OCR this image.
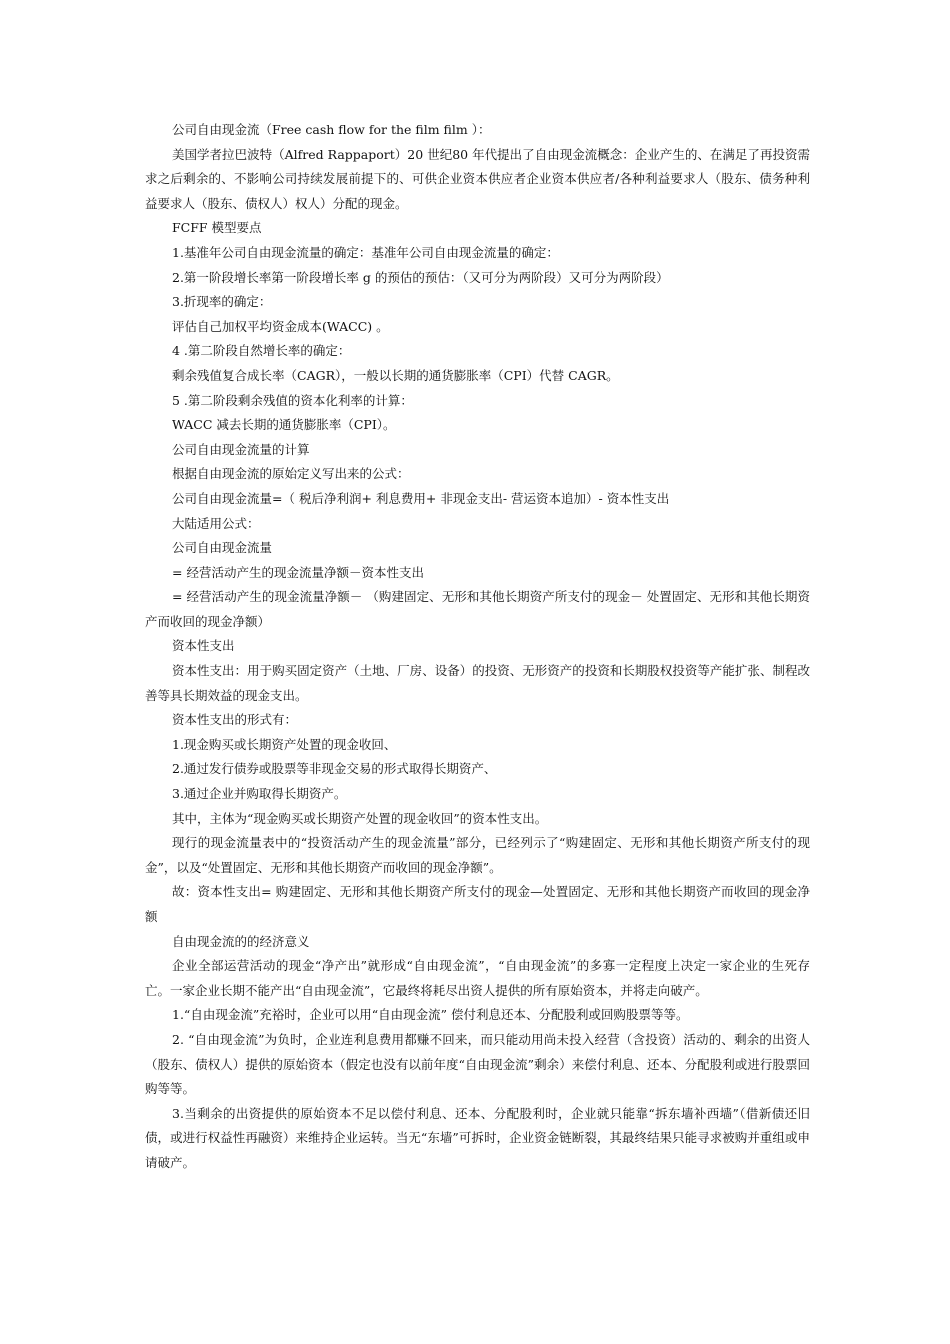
公司自由现金流（Free cash flow for the film film ）：

美国学者拉巴波特（Alfred Rappaport）20 世纪80 年代提出了自由现金流概念：企业产生的、在满足了再投资需求之后剩余的、不影响公司持续发展前提下的、可供企业资本供应者企业资本供应者/各种利益要求人（股东、债务种利益要求人（股东、债权人）权人）分配的现金。

FCFF 模型要点

1.基准年公司自由现金流量的确定：基准年公司自由现金流量的确定：

2.第一阶段增长率第一阶段增长率 g 的预估的预估：（又可分为两阶段）又可分为两阶段）

3.折现率的确定：

评估自己加权平均资金成本(WACC) 。

4 .第二阶段自然增长率的确定：

剩余残值复合成长率（CAGR），一般以长期的通货膨胀率（CPI）代替 CAGR。

5 .第二阶段剩余残值的资本化利率的计算：

WACC 减去长期的通货膨胀率（CPI）。

公司自由现金流量的计算

根据自由现金流的原始定义写出来的公式：

公司自由现金流量=（ 税后净利润+ 利息费用+ 非现金支出- 营运资本追加）- 资本性支出

大陆适用公式：

公司自由现金流量

= 经营活动产生的现金流量净额－资本性支出

= 经营活动产生的现金流量净额－ （购建固定、无形和其他长期资产所支付的现金－ 处置固定、无形和其他长期资产而收回的现金净额）

资本性支出

资本性支出：用于购买固定资产（土地、厂房、设备）的投资、无形资产的投资和长期股权投资等产能扩张、制程改善等具长期效益的现金支出。

资本性支出的形式有：

1.现金购买或长期资产处置的现金收回、

2.通过发行债券或股票等非现金交易的形式取得长期资产、

3.通过企业并购取得长期资产。

其中，主体为“现金购买或长期资产处置的现金收回”的资本性支出。

现行的现金流量表中的“投资活动产生的现金流量”部分，已经列示了“购建固定、无形和其他长期资产所支付的现金”，以及“处置固定、无形和其他长期资产而收回的现金净额”。

故：资本性支出= 购建固定、无形和其他长期资产所支付的现金—处置固定、无形和其他长期资产而收回的现金净额

自由现金流的的经济意义

企业全部运营活动的现金“净产出”就形成“自由现金流”，“自由现金流”的多寡一定程度上决定一家企业的生死存亡。一家企业长期不能产出“自由现金流”，它最终将耗尽出资人提供的所有原始资本，并将走向破产。

1.“自由现金流”充裕时，企业可以用“自由现金流” 偿付利息还本、分配股利或回购股票等等。

2. “自由现金流”为负时，企业连利息费用都赚不回来，而只能动用尚未投入经营（含投资）活动的、剩余的出资人（股东、债权人）提供的原始资本（假定也没有以前年度“自由现金流”剩余）来偿付利息、还本、分配股利或进行股票回购等等。

3.当剩余的出资提供的原始资本不足以偿付利息、还本、分配股利时，企业就只能靠“拆东墙补西墙”（借新债还旧债，或进行权益性再融资）来维持企业运转。当无“东墙”可拆时，企业资金链断裂，其最终结果只能寻求被购并重组或申请破产。
